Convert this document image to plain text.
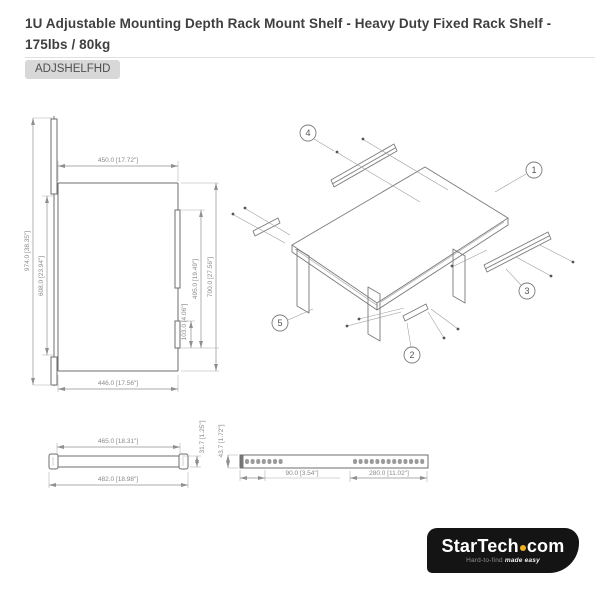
1U Adjustable Mounting Depth Rack Mount Shelf - Heavy Duty Fixed Rack Shelf - 175lbs / 80kg
ADJSHELFHD
450.0 [17.72"]
974.0 [38.35"]
608.0 [23.94"]
103.0 [4.06"]
495.0 [19.49"] 700.0 [27.56"]
446.0 [17.56"]
465.0 [18.31"]
482.0 [18.98"]
31.7 [1.25"] 43.7 [1.72"]
90.0 [3.54"]	280.0 [11.02"]
1
2
3
4
5
StarTech com
Hard-to-find made easy
